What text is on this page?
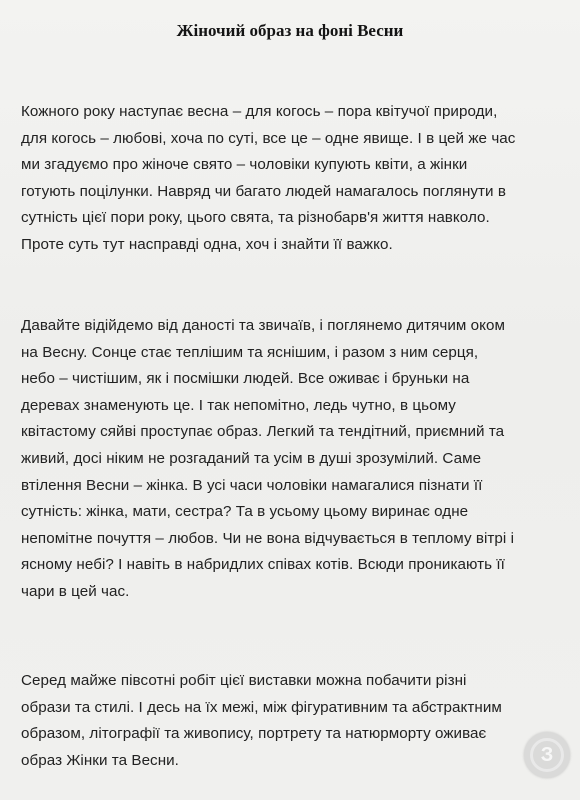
Жіночий образ на фоні Весни

Кожного року наступає весна – для когось – пора квітучої природи,
для когось – любові, хоча по суті, все це – одне явище. І в цей же час
ми згадуємо про жіноче свято – чоловіки купують квіти, а жінки
готують поцілунки. Навряд чи багато людей намагалось поглянути в
сутність цієї пори року, цього свята, та різнобарв'я життя навколо.
Проте суть тут насправді одна, хоч і знайти її важко.

Давайте відійдемо від даності та звичаїв, і поглянемо дитячим оком
на Весну. Сонце стає теплішим та яснішим, і разом з ним серця,
небо – чистішим, як і посмішки людей. Все оживає і бруньки на
деревах знаменують це. І так непомітно, ледь чутно, в цьому
квітастому сяйві проступає образ. Легкий та тендітний, приємний та
живий, досі ніким не розгаданий та усім в душі зрозумілий. Саме
втілення Весни – жінка. В усі часи чоловіки намагалися пізнати її
сутність: жінка, мати, сестра? Та в усьому цьому виринає одне
непомітне почуття – любов. Чи не вона відчувається в теплому вітрі і
ясному небі? І навіть в набридлих співах котів. Всюди проникають її
чари в цей час.

Серед майже півсотні робіт цієї виставки можна побачити різні
образи та стилі. І десь на їх межі, між фігуративним та абстрактним
образом, літографії та живопису, портрету та натюрморту оживає
образ Жінки та Весни.	З
